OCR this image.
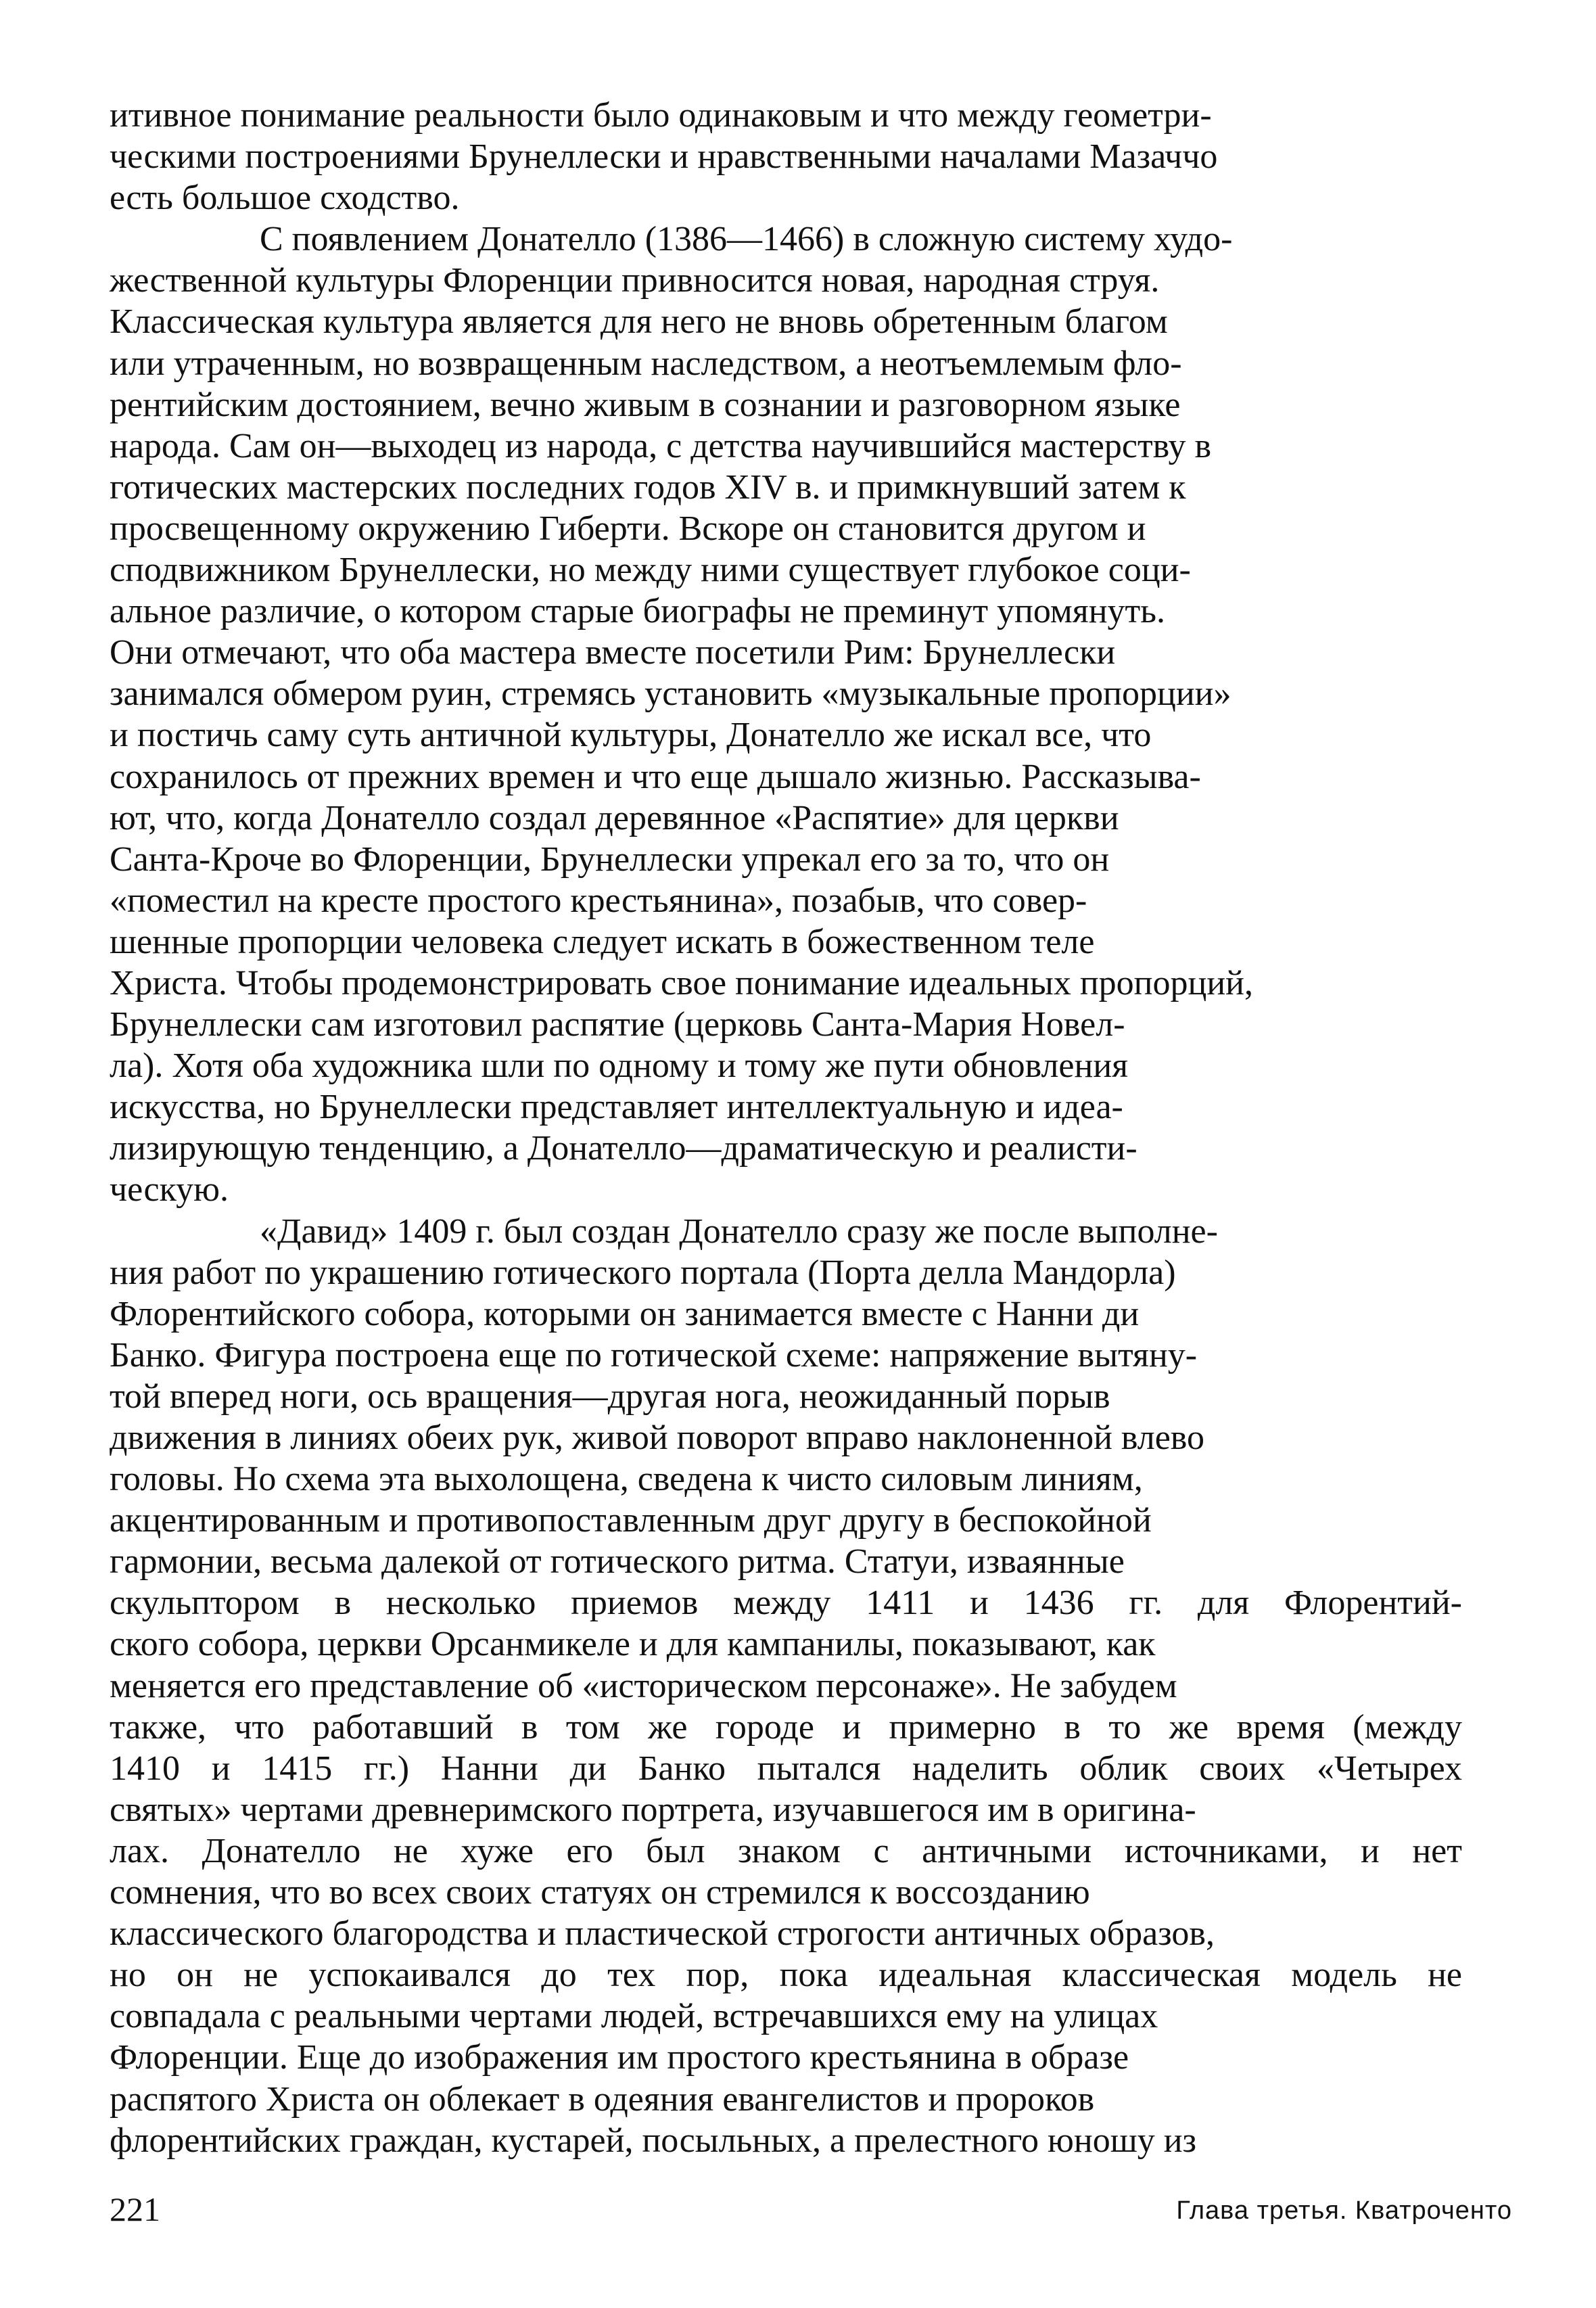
итивное понимание реальности было одинаковым и что между геометри-
ческими построениями Брунеллески и нравственными началами Мазаччо
есть большое сходство.
С появлением Донателло (1386—1466) в сложную систему худо-
жественной культуры Флоренции привносится новая, народная струя.
Классическая культура является для него не вновь обретенным благом
или утраченным, но возвращенным наследством, а неотъемлемым фло-
рентийским достоянием, вечно живым в сознании и разговорном языке
народа. Сам он—выходец из народа, с детства научившийся мастерству в
готических мастерских последних годов XIV в. и примкнувший затем к
просвещенному окружению Гиберти. Вскоре он становится другом и
сподвижником Брунеллески, но между ними существует глубокое соци-
альное различие, о котором старые биографы не преминут упомянуть.
Они отмечают, что оба мастера вместе посетили Рим: Брунеллески
занимался обмером руин, стремясь установить «музыкальные пропорции»
и постичь саму суть античной культуры, Донателло же искал все, что
сохранилось от прежних времен и что еще дышало жизнью. Рассказыва-
ют, что, когда Донателло создал деревянное «Распятие» для церкви
Санта-Кроче во Флоренции, Брунеллески упрекал его за то, что он
«поместил на кресте простого крестьянина», позабыв, что совер-
шенные пропорции человека следует искать в божественном теле
Христа. Чтобы продемонстрировать свое понимание идеальных пропорций,
Брунеллески сам изготовил распятие (церковь Санта-Мария Новел-
ла). Хотя оба художника шли по одному и тому же пути обновления
искусства, но Брунеллески представляет интеллектуальную и идеа-
лизирующую тенденцию, а Донателло—драматическую и реалисти-
ческую.
«Давид» 1409 г. был создан Донателло сразу же после выполне-
ния работ по украшению готического портала (Порта делла Мандорла)
Флорентийского собора, которыми он занимается вместе с Нанни ди
Банко. Фигура построена еще по готической схеме: напряжение вытяну-
той вперед ноги, ось вращения—другая нога, неожиданный порыв
движения в линиях обеих рук, живой поворот вправо наклоненной влево
головы. Но схема эта выхолощена, сведена к чисто силовым линиям,
акцентированным и противопоставленным друг другу в беспокойной
гармонии, весьма далекой от готического ритма. Статуи, изваянные
скульптором в несколько приемов между 1411 и 1436 гг. для Флорентий-
ского собора, церкви Орсанмикеле и для кампанилы, показывают, как
меняется его представление об «историческом персонаже». Не забудем
также, что работавший в том же городе и примерно в то же время (между
1410 и 1415 гг.) Нанни ди Банко пытался наделить облик своих «Четырех
святых» чертами древнеримского портрета, изучавшегося им в оригина-
лах. Донателло не хуже его был знаком с античными источниками, и нет
сомнения, что во всех своих статуях он стремился к воссозданию
классического благородства и пластической строгости античных образов,
но он не успокаивался до тех пор, пока идеальная классическая модель не
совпадала с реальными чертами людей, встречавшихся ему на улицах
Флоренции. Еще до изображения им простого крестьянина в образе
распятого Христа он облекает в одеяния евангелистов и пророков
флорентийских граждан, кустарей, посыльных, а прелестного юношу из
221	Глава третья. Кватроченто
